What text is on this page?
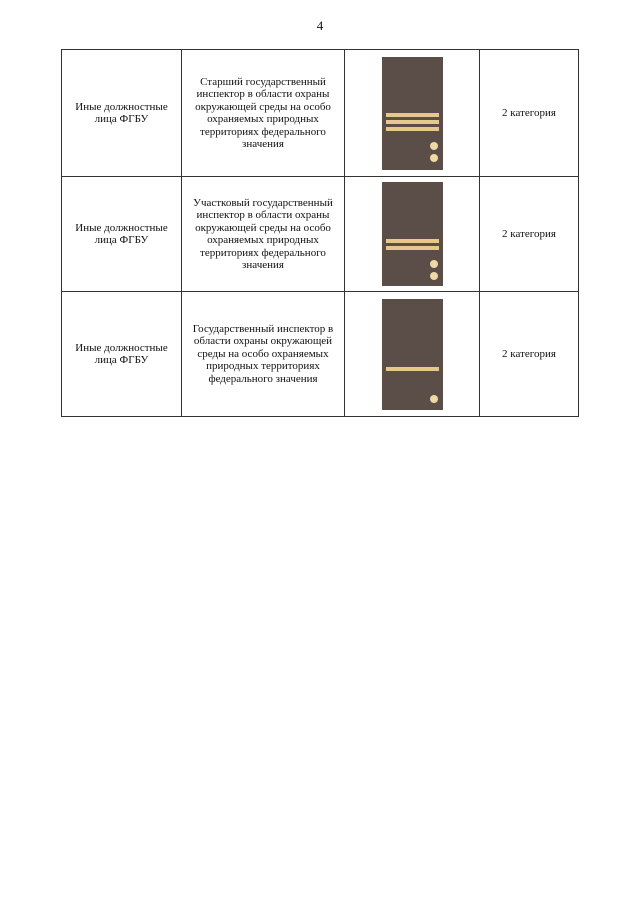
4
Иные должностные лица ФГБУ	Старший государственный инспектор в области охраны окружающей среды на особо охраняемых природных территориях федерального значения		2 категория
Иные должностные лица ФГБУ	Участковый государственный инспектор в области охраны окружающей среды на особо охраняемых природных территориях федерального значения		2 категория
Иные должностные лица ФГБУ	Государственный инспектор в области охраны окружающей среды на особо охраняемых природных территориях федерального значения		2 категория
